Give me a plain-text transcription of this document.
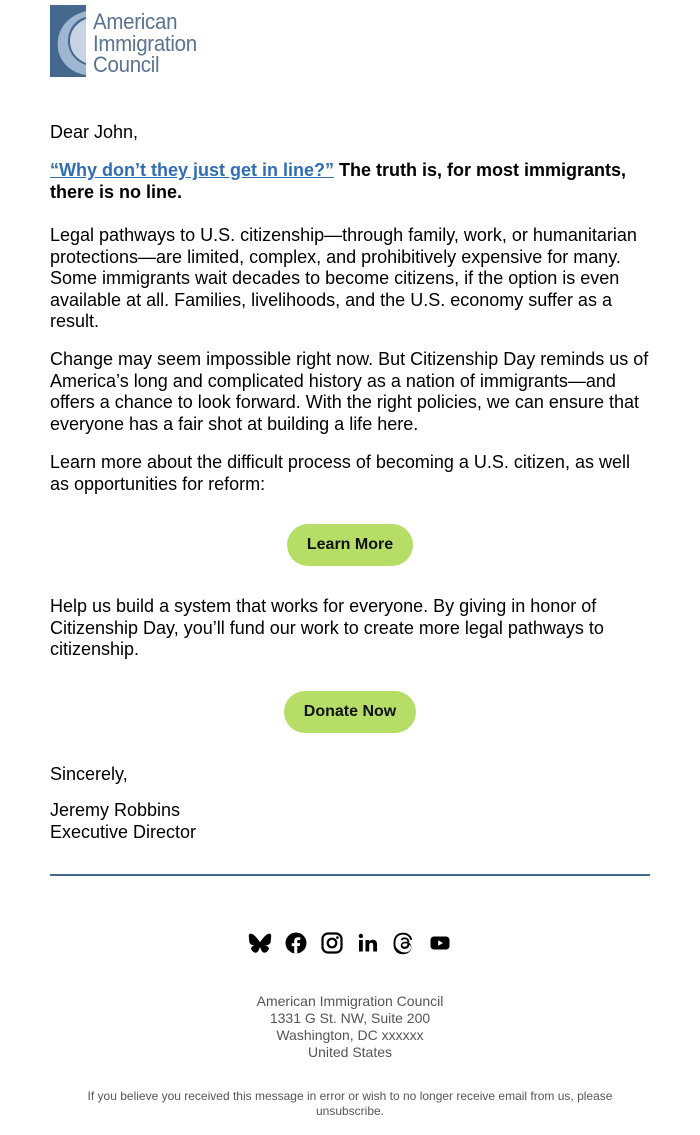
American
Immigration
Council

Dear John,

“Why don’t they just get in line?” The truth is, for most immigrants, there is no line.

Legal pathways to U.S. citizenship—through family, work, or humanitarian protections—are limited, complex, and prohibitively expensive for many. Some immigrants wait decades to become citizens, if the option is even available at all. Families, livelihoods, and the U.S. economy suffer as a result.

Change may seem impossible right now. But Citizenship Day reminds us of America’s long and complicated history as a nation of immigrants—and offers a chance to look forward. With the right policies, we can ensure that everyone has a fair shot at building a life here.

Learn more about the difficult process of becoming a U.S. citizen, as well as opportunities for reform:

Help us build a system that works for everyone. By giving in honor of Citizenship Day, you’ll fund our work to create more legal pathways to citizenship.

Sincerely,

Jeremy Robbins
Executive Director
Learn More
Donate Now
American Immigration Council
1331 G St. NW, Suite 200
Washington, DC xxxxxx
United States
If you believe you received this message in error or wish to no longer receive email from us, please
unsubscribe.
